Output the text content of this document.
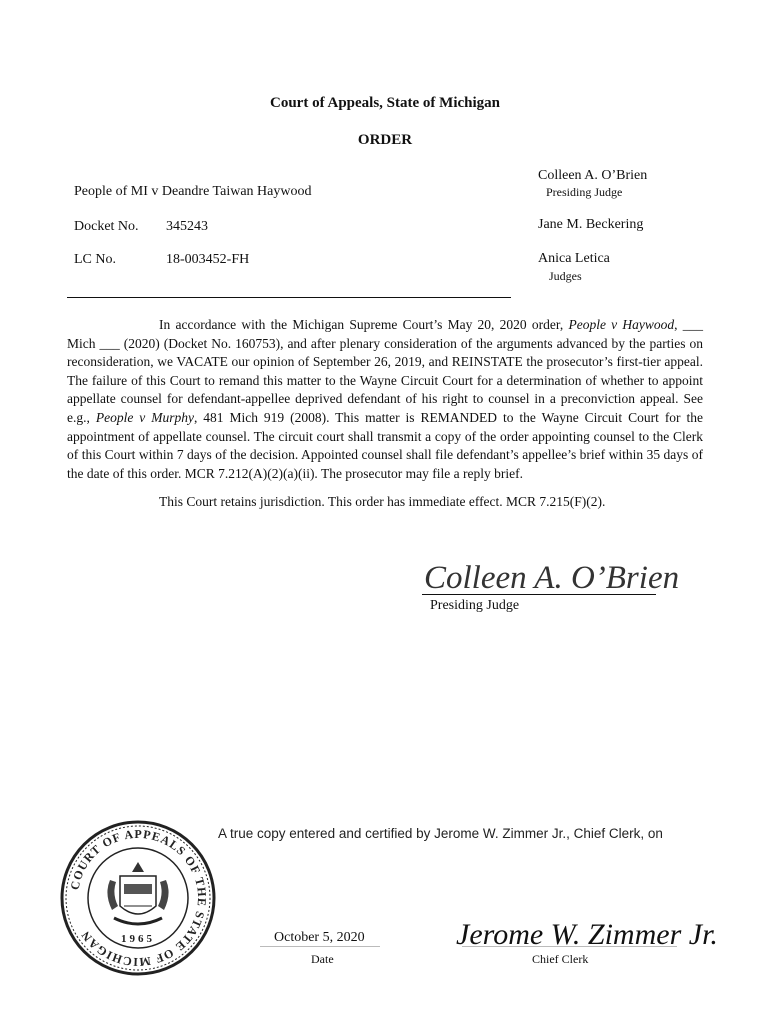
Court of Appeals, State of Michigan
ORDER
People of MI v Deandre Taiwan Haywood
Docket No. 345243
LC No.	18-003452-FH
Colleen A. O’Brien
Presiding Judge
Jane M. Beckering
Anica Letica
Judges

In accordance with the Michigan Supreme Court’s May 20, 2020 order, People v Haywood, ___ Mich ___ (2020) (Docket No. 160753), and after plenary consideration of the arguments advanced by the parties on reconsideration, we VACATE our opinion of September 26, 2019, and REINSTATE the prosecutor’s first-tier appeal. The failure of this Court to remand this matter to the Wayne Circuit Court for a determination of whether to appoint appellate counsel for defendant-appellee deprived defendant of his right to counsel in a preconviction appeal. See e.g., People v Murphy, 481 Mich 919 (2008). This matter is REMANDED to the Wayne Circuit Court for the appointment of appellate counsel. The circuit court shall transmit a copy of the order appointing counsel to the Clerk of this Court within 7 days of the decision. Appointed counsel shall file defendant’s appellee’s brief within 35 days of the date of this order. MCR 7.212(A)(2)(a)(ii). The prosecutor may file a reply brief.

This Court retains jurisdiction. This order has immediate effect. MCR 7.215(F)(2).

Colleen A. O’Brien
Presiding Judge
COURT OF APPEALS OF THE STATE OF MICHIGAN	1965
A true copy entered and certified by Jerome W. Zimmer Jr., Chief Clerk, on
October 5, 2020
Date
Jerome W. Zimmer Jr.
Chief Clerk
